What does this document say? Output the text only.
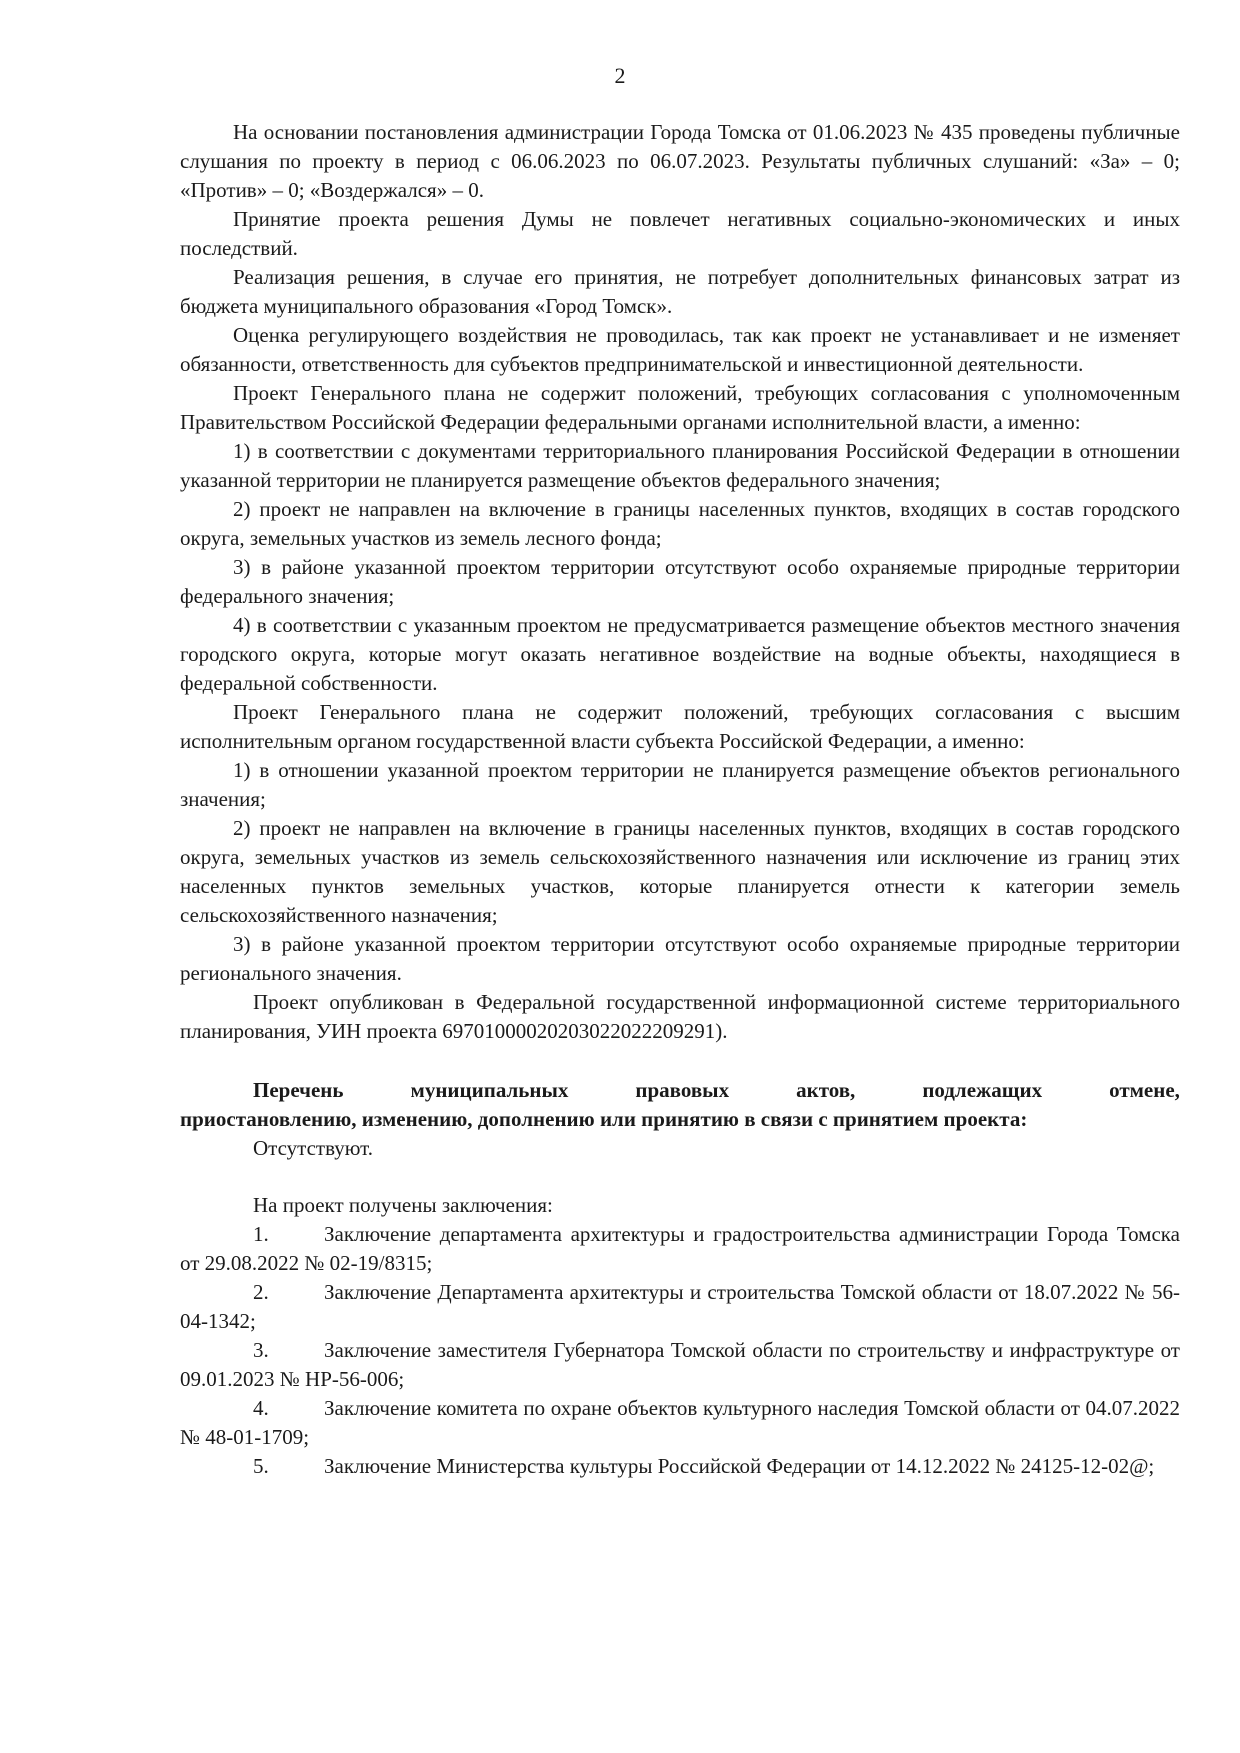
2

На основании постановления администрации Города Томска от 01.06.2023 № 435 проведены публичные слушания по проекту в период с 06.06.2023 по 06.07.2023. Результаты публичных слушаний: «За» – 0; «Против» – 0; «Воздержался» – 0.

Принятие проекта решения Думы не повлечет негативных социально-экономических и иных последствий.

Реализация решения, в случае его принятия, не потребует дополнительных финансовых затрат из бюджета муниципального образования «Город Томск».

Оценка регулирующего воздействия не проводилась, так как проект не устанавливает и не изменяет обязанности, ответственность для субъектов предпринимательской и инвестиционной деятельности.

Проект Генерального плана не содержит положений, требующих согласования с уполномоченным Правительством Российской Федерации федеральными органами исполнительной власти, а именно:

1) в соответствии с документами территориального планирования Российской Федерации в отношении указанной территории не планируется размещение объектов федерального значения;

2) проект не направлен на включение в границы населенных пунктов, входящих в состав городского округа, земельных участков из земель лесного фонда;

3) в районе указанной проектом территории отсутствуют особо охраняемые природные территории федерального значения;

4) в соответствии с указанным проектом не предусматривается размещение объектов местного значения городского округа, которые могут оказать негативное воздействие на водные объекты, находящиеся в федеральной собственности.

Проект Генерального плана не содержит положений, требующих согласования с высшим исполнительным органом государственной власти субъекта Российской Федерации, а именно:

1) в отношении указанной проектом территории не планируется размещение объектов регионального значения;

2) проект не направлен на включение в границы населенных пунктов, входящих в состав городского округа, земельных участков из земель сельскохозяйственного назначения или исключение из границ этих населенных пунктов земельных участков, которые планируется отнести к категории земель сельскохозяйственного назначения;

3) в районе указанной проектом территории отсутствуют особо охраняемые природные территории регионального значения.

Проект опубликован в Федеральной государственной информационной системе территориального планирования, УИН проекта 69701000020203022022209291).

Перечень	муниципальных	правовых	актов,	подлежащих	отмене,
приостановлению, изменению, дополнению или принятию в связи с принятием проекта:

Отсутствуют.

На проект получены заключения:

1.	Заключение департамента архитектуры и градостроительства администрации Города Томска от 29.08.2022 № 02-19/8315;

2.	Заключение Департамента архитектуры и строительства Томской области от 18.07.2022 № 56-04-1342;

3.	Заключение заместителя Губернатора Томской области по строительству и инфраструктуре от 09.01.2023 № НР-56-006;

4.	Заключение комитета по охране объектов культурного наследия Томской области от 04.07.2022 № 48-01-1709;

5.	Заключение Министерства культуры Российской Федерации от 14.12.2022 № 24125-12-02@;
